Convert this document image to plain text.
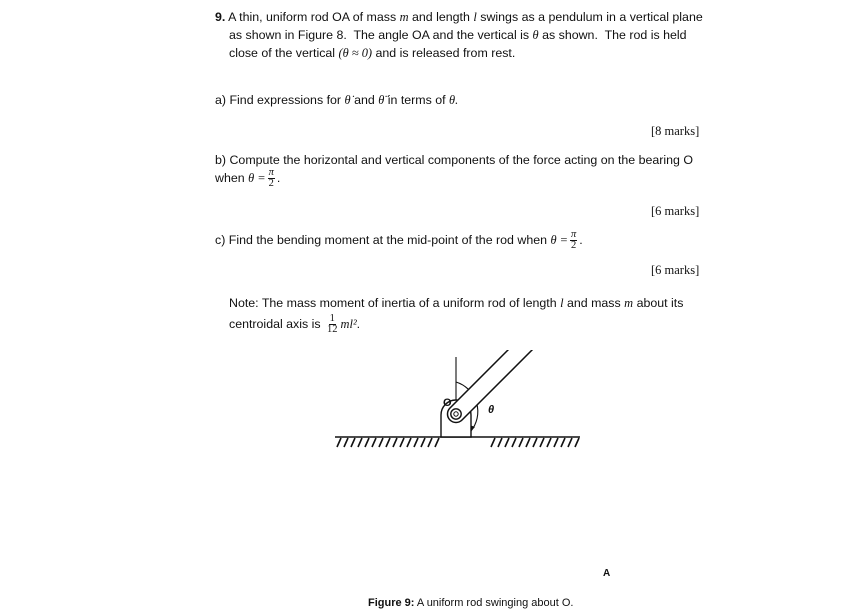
9. A thin, uniform rod OA of mass m and length l swings as a pendulum in a vertical plane
as shown in Figure 8. The angle OA and the vertical is θ as shown. The rod is held
close of the vertical (θ ≈ 0) and is released from rest.
a) Find expressions for θ̇ and θ̈ in terms of θ.
[8 marks]
b) Compute the horizontal and vertical components of the force acting on the bearing O
when $\theta = \frac{\pi}{2}$ .
[6 marks]
c) Find the bending moment at the mid-point of the rod when $\theta = \frac{\pi}{2}$ .
[6 marks]
Note: The mass moment of inertia of a uniform rod of length l and mass m about its
centroidal axis is $\frac{1}{12} ml^2$.
O
θ
A
Figure 9: A uniform rod swinging about O.
